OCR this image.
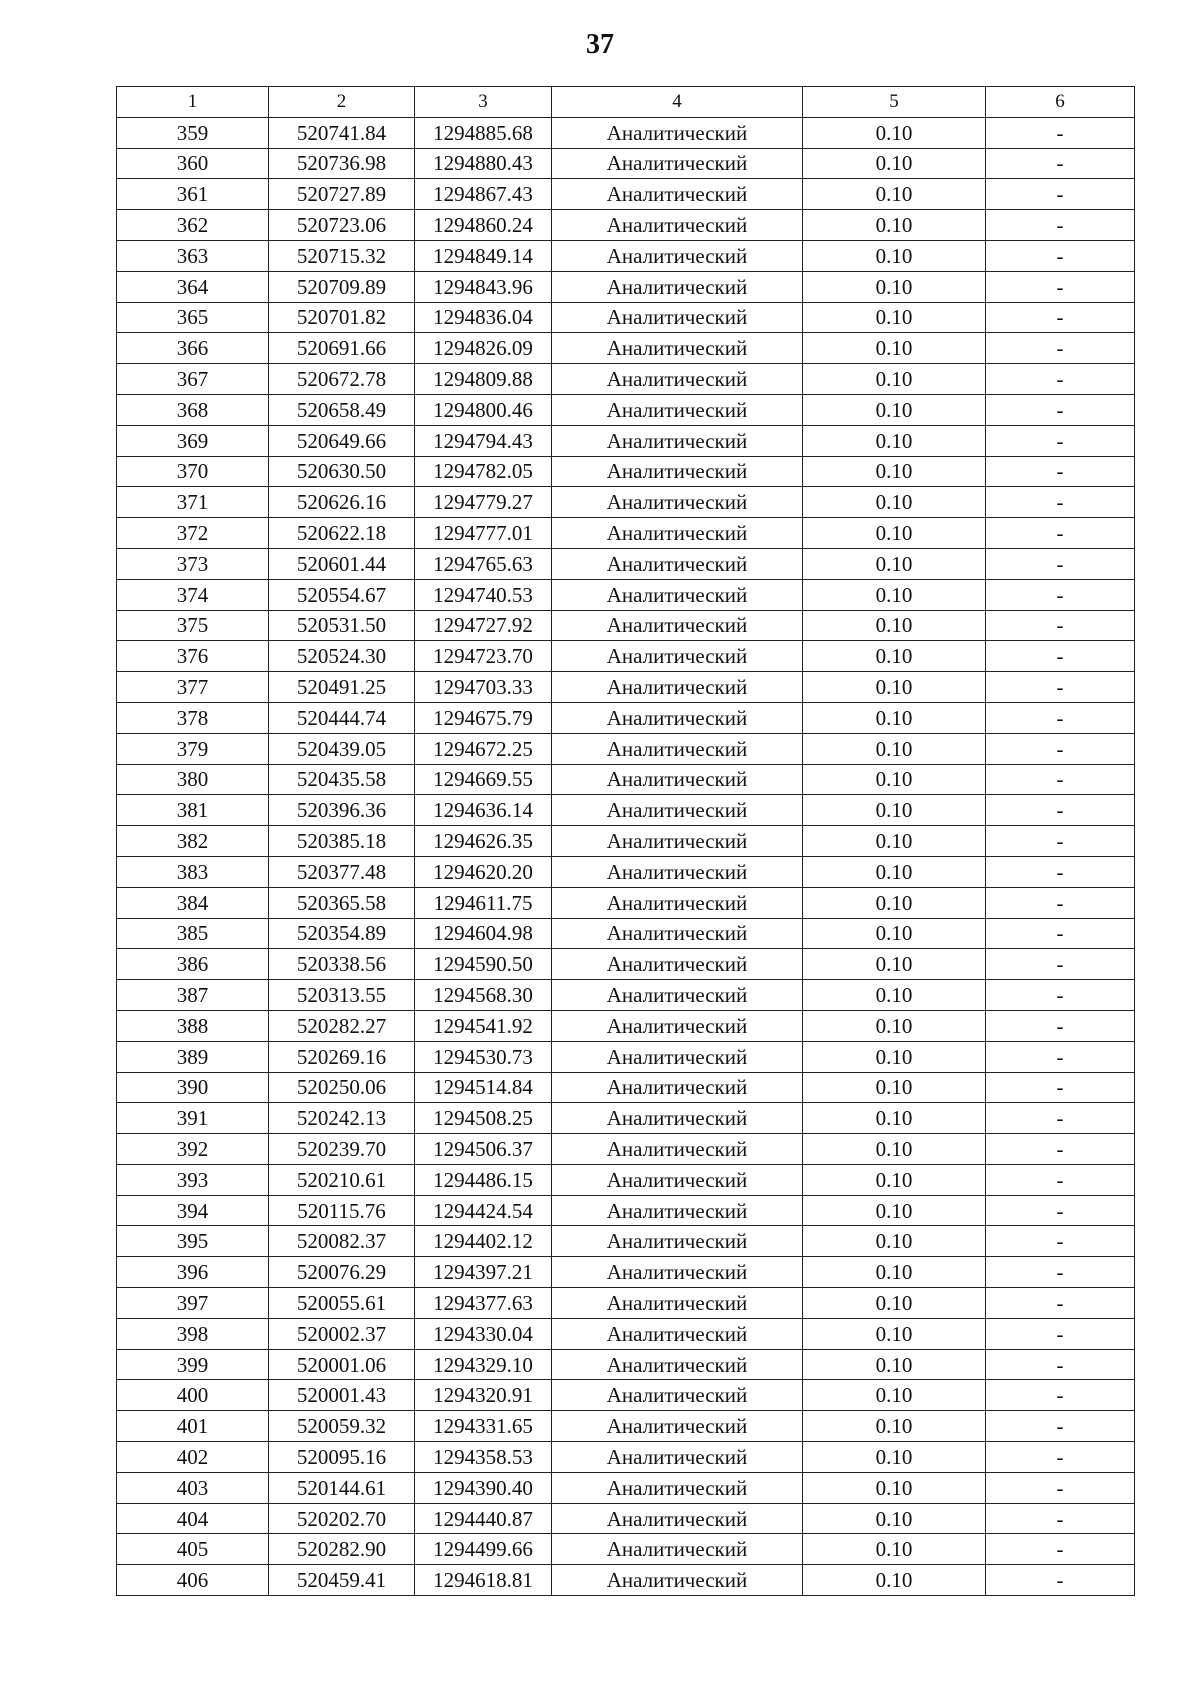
37
1	2	3	4	5	6
359	520741.84	1294885.68	Аналитический	0.10	-
360	520736.98	1294880.43	Аналитический	0.10	-
361	520727.89	1294867.43	Аналитический	0.10	-
362	520723.06	1294860.24	Аналитический	0.10	-
363	520715.32	1294849.14	Аналитический	0.10	-
364	520709.89	1294843.96	Аналитический	0.10	-
365	520701.82	1294836.04	Аналитический	0.10	-
366	520691.66	1294826.09	Аналитический	0.10	-
367	520672.78	1294809.88	Аналитический	0.10	-
368	520658.49	1294800.46	Аналитический	0.10	-
369	520649.66	1294794.43	Аналитический	0.10	-
370	520630.50	1294782.05	Аналитический	0.10	-
371	520626.16	1294779.27	Аналитический	0.10	-
372	520622.18	1294777.01	Аналитический	0.10	-
373	520601.44	1294765.63	Аналитический	0.10	-
374	520554.67	1294740.53	Аналитический	0.10	-
375	520531.50	1294727.92	Аналитический	0.10	-
376	520524.30	1294723.70	Аналитический	0.10	-
377	520491.25	1294703.33	Аналитический	0.10	-
378	520444.74	1294675.79	Аналитический	0.10	-
379	520439.05	1294672.25	Аналитический	0.10	-
380	520435.58	1294669.55	Аналитический	0.10	-
381	520396.36	1294636.14	Аналитический	0.10	-
382	520385.18	1294626.35	Аналитический	0.10	-
383	520377.48	1294620.20	Аналитический	0.10	-
384	520365.58	1294611.75	Аналитический	0.10	-
385	520354.89	1294604.98	Аналитический	0.10	-
386	520338.56	1294590.50	Аналитический	0.10	-
387	520313.55	1294568.30	Аналитический	0.10	-
388	520282.27	1294541.92	Аналитический	0.10	-
389	520269.16	1294530.73	Аналитический	0.10	-
390	520250.06	1294514.84	Аналитический	0.10	-
391	520242.13	1294508.25	Аналитический	0.10	-
392	520239.70	1294506.37	Аналитический	0.10	-
393	520210.61	1294486.15	Аналитический	0.10	-
394	520115.76	1294424.54	Аналитический	0.10	-
395	520082.37	1294402.12	Аналитический	0.10	-
396	520076.29	1294397.21	Аналитический	0.10	-
397	520055.61	1294377.63	Аналитический	0.10	-
398	520002.37	1294330.04	Аналитический	0.10	-
399	520001.06	1294329.10	Аналитический	0.10	-
400	520001.43	1294320.91	Аналитический	0.10	-
401	520059.32	1294331.65	Аналитический	0.10	-
402	520095.16	1294358.53	Аналитический	0.10	-
403	520144.61	1294390.40	Аналитический	0.10	-
404	520202.70	1294440.87	Аналитический	0.10	-
405	520282.90	1294499.66	Аналитический	0.10	-
406	520459.41	1294618.81	Аналитический	0.10	-
